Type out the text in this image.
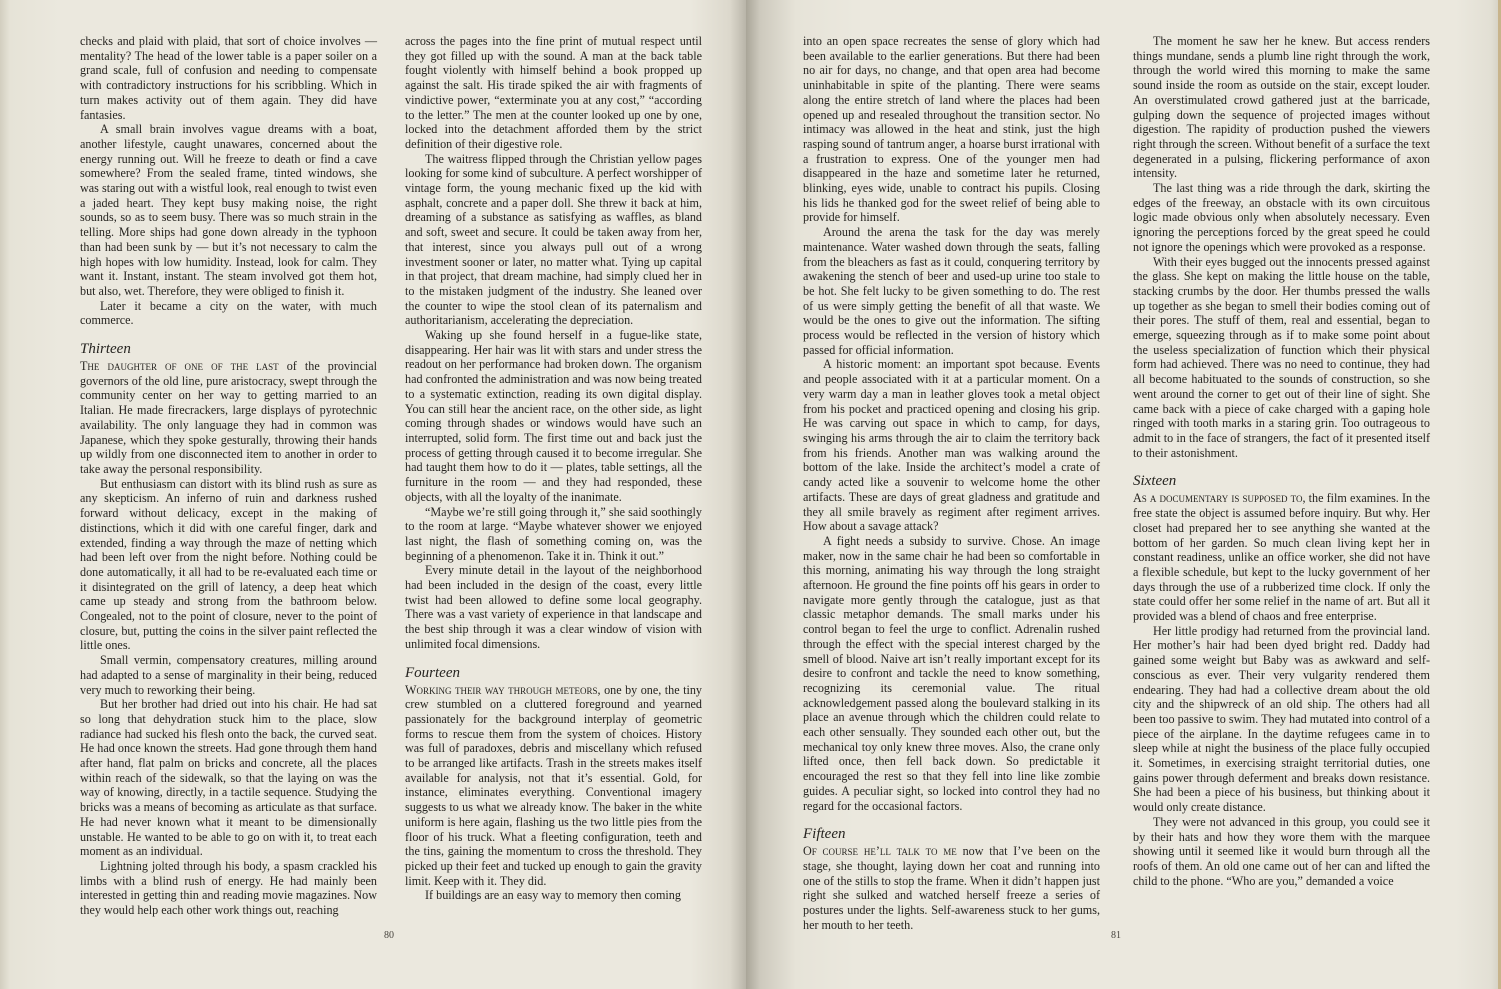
checks and plaid with plaid, that sort of choice involves — mentality? The head of the lower table is a paper soiler on a grand scale, full of confusion and needing to compensate with contradictory instructions for his scribbling. Which in turn makes activity out of them again. They did have fantasies.

A small brain involves vague dreams with a boat, another lifestyle, caught unawares, concerned about the energy running out. Will he freeze to death or find a cave somewhere? From the sealed frame, tinted windows, she was staring out with a wistful look, real enough to twist even a jaded heart. They kept busy making noise, the right sounds, so as to seem busy. There was so much strain in the telling. More ships had gone down already in the typhoon than had been sunk by — but it’s not necessary to calm the high hopes with low humidity. Instead, look for calm. They want it. Instant, instant. The steam involved got them hot, but also, wet. Therefore, they were obliged to finish it.

Later it became a city on the water, with much commerce.

Thirteen

The daughter of one of the last of the provincial governors of the old line, pure aristocracy, swept through the community center on her way to getting married to an Italian. He made firecrackers, large displays of pyrotechnic availability. The only language they had in common was Japanese, which they spoke gesturally, throwing their hands up wildly from one disconnected item to another in order to take away the personal responsibility.

But enthusiasm can distort with its blind rush as sure as any skepticism. An inferno of ruin and darkness rushed forward without delicacy, except in the making of distinctions, which it did with one careful finger, dark and extended, finding a way through the maze of netting which had been left over from the night before. Nothing could be done automatically, it all had to be re-evaluated each time or it disintegrated on the grill of latency, a deep heat which came up steady and strong from the bathroom below. Congealed, not to the point of closure, never to the point of closure, but, putting the coins in the silver paint reflected the little ones.

Small vermin, compensatory creatures, milling around had adapted to a sense of marginality in their being, reduced very much to reworking their being.

But her brother had dried out into his chair. He had sat so long that dehydration stuck him to the place, slow radiance had sucked his flesh onto the back, the curved seat. He had once known the streets. Had gone through them hand after hand, flat palm on bricks and concrete, all the places within reach of the sidewalk, so that the laying on was the way of knowing, directly, in a tactile sequence. Studying the bricks was a means of becoming as articulate as that surface. He had never known what it meant to be dimensionally unstable. He wanted to be able to go on with it, to treat each moment as an individual.

Lightning jolted through his body, a spasm crackled his limbs with a blind rush of energy. He had mainly been interested in getting thin and reading movie magazines. Now they would help each other work things out, reaching

across the pages into the fine print of mutual respect until they got filled up with the sound. A man at the back table fought violently with himself behind a book propped up against the salt. His tirade spiked the air with fragments of vindictive power, “exterminate you at any cost,” “according to the letter.” The men at the counter looked up one by one, locked into the detachment afforded them by the strict definition of their digestive role.

The waitress flipped through the Christian yellow pages looking for some kind of subculture. A perfect worshipper of vintage form, the young mechanic fixed up the kid with asphalt, concrete and a paper doll. She threw it back at him, dreaming of a substance as satisfying as waffles, as bland and soft, sweet and secure. It could be taken away from her, that interest, since you always pull out of a wrong investment sooner or later, no matter what. Tying up capital in that project, that dream machine, had simply clued her in to the mistaken judgment of the industry. She leaned over the counter to wipe the stool clean of its paternalism and authoritarianism, accelerating the depreciation.

Waking up she found herself in a fugue-like state, disappearing. Her hair was lit with stars and under stress the readout on her performance had broken down. The organism had confronted the administration and was now being treated to a systematic extinction, reading its own digital display. You can still hear the ancient race, on the other side, as light coming through shades or windows would have such an interrupted, solid form. The first time out and back just the process of getting through caused it to become irregular. She had taught them how to do it — plates, table settings, all the furniture in the room — and they had responded, these objects, with all the loyalty of the inanimate.

“Maybe we’re still going through it,” she said soothingly to the room at large. “Maybe whatever shower we enjoyed last night, the flash of something coming on, was the beginning of a phenomenon. Take it in. Think it out.”

Every minute detail in the layout of the neighborhood had been included in the design of the coast, every little twist had been allowed to define some local geography. There was a vast variety of experience in that landscape and the best ship through it was a clear window of vision with unlimited focal dimensions.

Fourteen

Working their way through meteors, one by one, the tiny crew stumbled on a cluttered foreground and yearned passionately for the background interplay of geometric forms to rescue them from the system of choices. History was full of paradoxes, debris and miscellany which refused to be arranged like artifacts. Trash in the streets makes itself available for analysis, not that it’s essential. Gold, for instance, eliminates everything. Conventional imagery suggests to us what we already know. The baker in the white uniform is here again, flashing us the two little pies from the floor of his truck. What a fleeting configuration, teeth and the tins, gaining the momentum to cross the threshold. They picked up their feet and tucked up enough to gain the gravity limit. Keep with it. They did.

If buildings are an easy way to memory then coming

80

into an open space recreates the sense of glory which had been available to the earlier generations. But there had been no air for days, no change, and that open area had become uninhabitable in spite of the planting. There were seams along the entire stretch of land where the places had been opened up and resealed throughout the transition sector. No intimacy was allowed in the heat and stink, just the high rasping sound of tantrum anger, a hoarse burst irrational with a frustration to express. One of the younger men had disappeared in the haze and sometime later he returned, blinking, eyes wide, unable to contract his pupils. Closing his lids he thanked god for the sweet relief of being able to provide for himself.

Around the arena the task for the day was merely maintenance. Water washed down through the seats, falling from the bleachers as fast as it could, conquering territory by awakening the stench of beer and used-up urine too stale to be hot. She felt lucky to be given something to do. The rest of us were simply getting the benefit of all that waste. We would be the ones to give out the information. The sifting process would be reflected in the version of history which passed for official information.

A historic moment: an important spot because. Events and people associated with it at a particular moment. On a very warm day a man in leather gloves took a metal object from his pocket and practiced opening and closing his grip. He was carving out space in which to camp, for days, swinging his arms through the air to claim the territory back from his friends. Another man was walking around the bottom of the lake. Inside the architect’s model a crate of candy acted like a souvenir to welcome home the other artifacts. These are days of great gladness and gratitude and they all smile bravely as regiment after regiment arrives. How about a savage attack?

A fight needs a subsidy to survive. Chose. An image maker, now in the same chair he had been so comfortable in this morning, animating his way through the long straight afternoon. He ground the fine points off his gears in order to navigate more gently through the catalogue, just as that classic metaphor demands. The small marks under his control began to feel the urge to conflict. Adrenalin rushed through the effect with the special interest charged by the smell of blood. Naive art isn’t really important except for its desire to confront and tackle the need to know something, recognizing its ceremonial value. The ritual acknowledgement passed along the boulevard stalking in its place an avenue through which the children could relate to each other sensually. They sounded each other out, but the mechanical toy only knew three moves. Also, the crane only lifted once, then fell back down. So predictable it encouraged the rest so that they fell into line like zombie guides. A peculiar sight, so locked into control they had no regard for the occasional factors.

Fifteen

Of course he’ll talk to me now that I’ve been on the stage, she thought, laying down her coat and running into one of the stills to stop the frame. When it didn’t happen just right she sulked and watched herself freeze a series of postures under the lights. Self-awareness stuck to her gums, her mouth to her teeth.

The moment he saw her he knew. But access renders things mundane, sends a plumb line right through the work, through the world wired this morning to make the same sound inside the room as outside on the stair, except louder. An overstimulated crowd gathered just at the barricade, gulping down the sequence of projected images without digestion. The rapidity of production pushed the viewers right through the screen. Without benefit of a surface the text degenerated in a pulsing, flickering performance of axon intensity.

The last thing was a ride through the dark, skirting the edges of the freeway, an obstacle with its own circuitous logic made obvious only when absolutely necessary. Even ignoring the perceptions forced by the great speed he could not ignore the openings which were provoked as a response.

With their eyes bugged out the innocents pressed against the glass. She kept on making the little house on the table, stacking crumbs by the door. Her thumbs pressed the walls up together as she began to smell their bodies coming out of their pores. The stuff of them, real and essential, began to emerge, squeezing through as if to make some point about the useless specialization of function which their physical form had achieved. There was no need to continue, they had all become habituated to the sounds of construction, so she went around the corner to get out of their line of sight. She came back with a piece of cake charged with a gaping hole ringed with tooth marks in a staring grin. Too outrageous to admit to in the face of strangers, the fact of it presented itself to their astonishment.

Sixteen

As a documentary is supposed to, the film examines. In the free state the object is assumed before inquiry. But why. Her closet had prepared her to see anything she wanted at the bottom of her garden. So much clean living kept her in constant readiness, unlike an office worker, she did not have a flexible schedule, but kept to the lucky government of her days through the use of a rubberized time clock. If only the state could offer her some relief in the name of art. But all it provided was a blend of chaos and free enterprise.

Her little prodigy had returned from the provincial land. Her mother’s hair had been dyed bright red. Daddy had gained some weight but Baby was as awkward and self-conscious as ever. Their very vulgarity rendered them endearing. They had had a collective dream about the old city and the shipwreck of an old ship. The others had all been too passive to swim. They had mutated into control of a piece of the airplane. In the daytime refugees came in to sleep while at night the business of the place fully occupied it. Sometimes, in exercising straight territorial duties, one gains power through deferment and breaks down resistance. She had been a piece of his business, but thinking about it would only create distance.

They were not advanced in this group, you could see it by their hats and how they wore them with the marquee showing until it seemed like it would burn through all the roofs of them. An old one came out of her can and lifted the child to the phone. “Who are you,” demanded a voice

81
